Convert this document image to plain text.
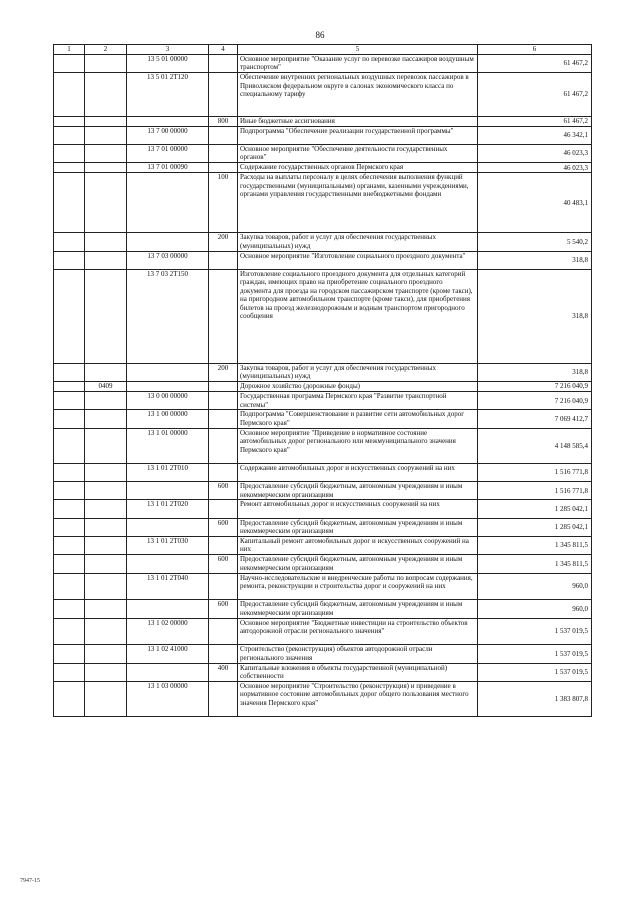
86
1	2	3	4	5	6
		13 5 01 00000		Основное мероприятие "Оказание услуг по перевозке пассажиров воздушным транспортом"	61 467,2
		13 5 01 2Т120		Обеспечение внутренних региональных воздушных перевозок пассажиров в Приволжском федеральном округе в салонах экономического класса по специальному тарифу	61 467,2
			800	Иные бюджетные ассигнования	61 467,2
		13 7 00 00000		Подпрограмма "Обеспечение реализации государственной программы"	46 342,1
		13 7 01 00000		Основное мероприятие "Обеспечение деятельности государственных органов"	46 023,3
		13 7 01 00090		Содержание государственных органов Пермского края	46 023,3
			100	Расходы на выплаты персоналу в целях обеспечения выполнения функций государственными (муниципальными) органами, казенными учреждениями, органами управления государственными внебюджетными фондами	40 483,1
			200	Закупка товаров, работ и услуг для обеспечения государственных (муниципальных) нужд	5 540,2
		13 7 03 00000		Основное мероприятие "Изготовление социального проездного документа"	318,8
		13 7 03 2Т150		Изготовление социального проездного документа для отдельных категорий граждан, имеющих право на приобретение социального проездного документа для проезда на городском пассажирском транспорте (кроме такси), на пригородном автомобильном транспорте (кроме такси), для приобретения билетов на проезд железнодорожным и водным транспортом пригородного сообщения	318,8
			200	Закупка товаров, работ и услуг для обеспечения государственных (муниципальных) нужд	318,8
	0409			Дорожное хозяйство (дорожные фонды)	7 216 040,9
		13 0 00 00000		Государственная программа Пермского края "Развитие транспортной системы"	7 216 040,9
		13 1 00 00000		Подпрограмма "Совершенствование и развитие сети автомобильных дорог Пермского края"	7 069 412,7
		13 1 01 00000		Основное мероприятие "Приведение в нормативное состояние автомобильных дорог регионального или межмуниципального значения Пермского края"	4 148 585,4
		13 1 01 2Т010		Содержание автомобильных дорог и искусственных сооружений на них	1 516 771,8
			600	Предоставление субсидий бюджетным, автономным учреждениям и иным некоммерческим организациям	1 516 771,8
		13 1 01 2Т020		Ремонт автомобильных дорог и искусственных сооружений на них	1 285 042,1
			600	Предоставление субсидий бюджетным, автономным учреждениям и иным некоммерческим организациям	1 285 042,1
		13 1 01 2Т030		Капитальный ремонт автомобильных дорог и искусственных сооружений на них	1 345 811,5
			600	Предоставление субсидий бюджетным, автономным учреждениям и иным некоммерческим организациям	1 345 811,5
		13 1 01 2Т040		Научно-исследовательские и внедренческие работы по вопросам содержания, ремонта, реконструкции и строительства дорог и сооружений на них	960,0
			600	Предоставление субсидий бюджетным, автономным учреждениям и иным некоммерческим организациям	960,0
		13 1 02 00000		Основное мероприятие "Бюджетные инвестиции на строительство объектов автодорожной отрасли регионального значения"	1 537 019,5
		13 1 02 41000		Строительство (реконструкция) объектов автодорожной отрасли регионального значения	1 537 019,5
			400	Капитальные вложения в объекты государственной (муниципальной) собственности	1 537 019,5
		13 1 03 00000		Основное мероприятие "Строительство (реконструкция) и приведение в нормативное состояние автомобильных дорог общего пользования местного значения Пермского края"	1 383 807,8
7947-15
